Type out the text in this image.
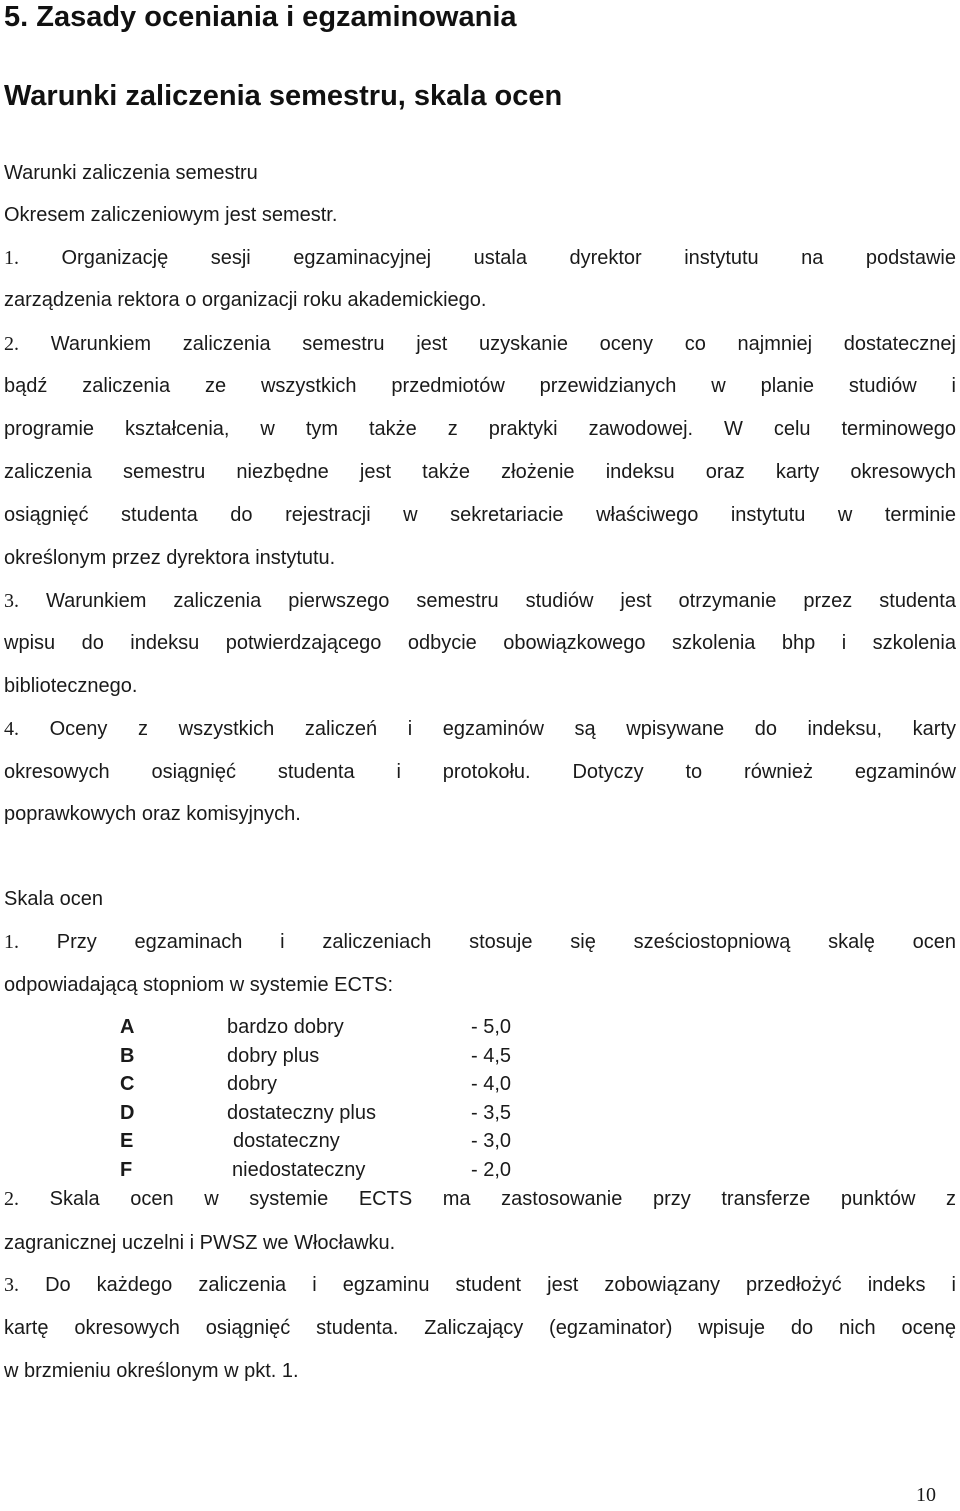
5. Zasady oceniania i egzaminowania
Warunki zaliczenia semestru, skala ocen
Warunki zaliczenia semestru
Okresem zaliczeniowym jest semestr.
1. Organizację sesji egzaminacyjnej ustala dyrektor instytutu na podstawie
zarządzenia rektora o organizacji roku akademickiego.
2. Warunkiem zaliczenia semestru jest uzyskanie oceny co najmniej dostatecznej
bądź zaliczenia ze wszystkich przedmiotów przewidzianych w planie studiów i
programie kształcenia, w tym także z praktyki zawodowej. W celu terminowego
zaliczenia semestru niezbędne jest także złożenie indeksu oraz karty okresowych
osiągnięć studenta do rejestracji w sekretariacie właściwego instytutu w terminie
określonym przez dyrektora instytutu.
3. Warunkiem zaliczenia pierwszego semestru studiów jest otrzymanie przez studenta
wpisu do indeksu potwierdzającego odbycie obowiązkowego szkolenia bhp i szkolenia
bibliotecznego.
4. Oceny z wszystkich zaliczeń i egzaminów są wpisywane do indeksu, karty
okresowych osiągnięć studenta i protokołu. Dotyczy to również egzaminów
poprawkowych oraz komisyjnych.
Skala ocen
1. Przy egzaminach i zaliczeniach stosuje się sześciostopniową skalę ocen
odpowiadającą stopniom w systemie ECTS:
A	bardzo dobry	- 5,0
B	dobry plus	- 4,5
C	dobry	- 4,0
D	dostateczny plus	- 3,5
E	dostateczny	- 3,0
F	niedostateczny	- 2,0
2. Skala ocen w systemie ECTS ma zastosowanie przy transferze punktów z
zagranicznej uczelni i PWSZ we Włocławku.
3. Do każdego zaliczenia i egzaminu student jest zobowiązany przedłożyć indeks i
kartę okresowych osiągnięć studenta. Zaliczający (egzaminator) wpisuje do nich ocenę
w brzmieniu określonym w pkt. 1.
10
